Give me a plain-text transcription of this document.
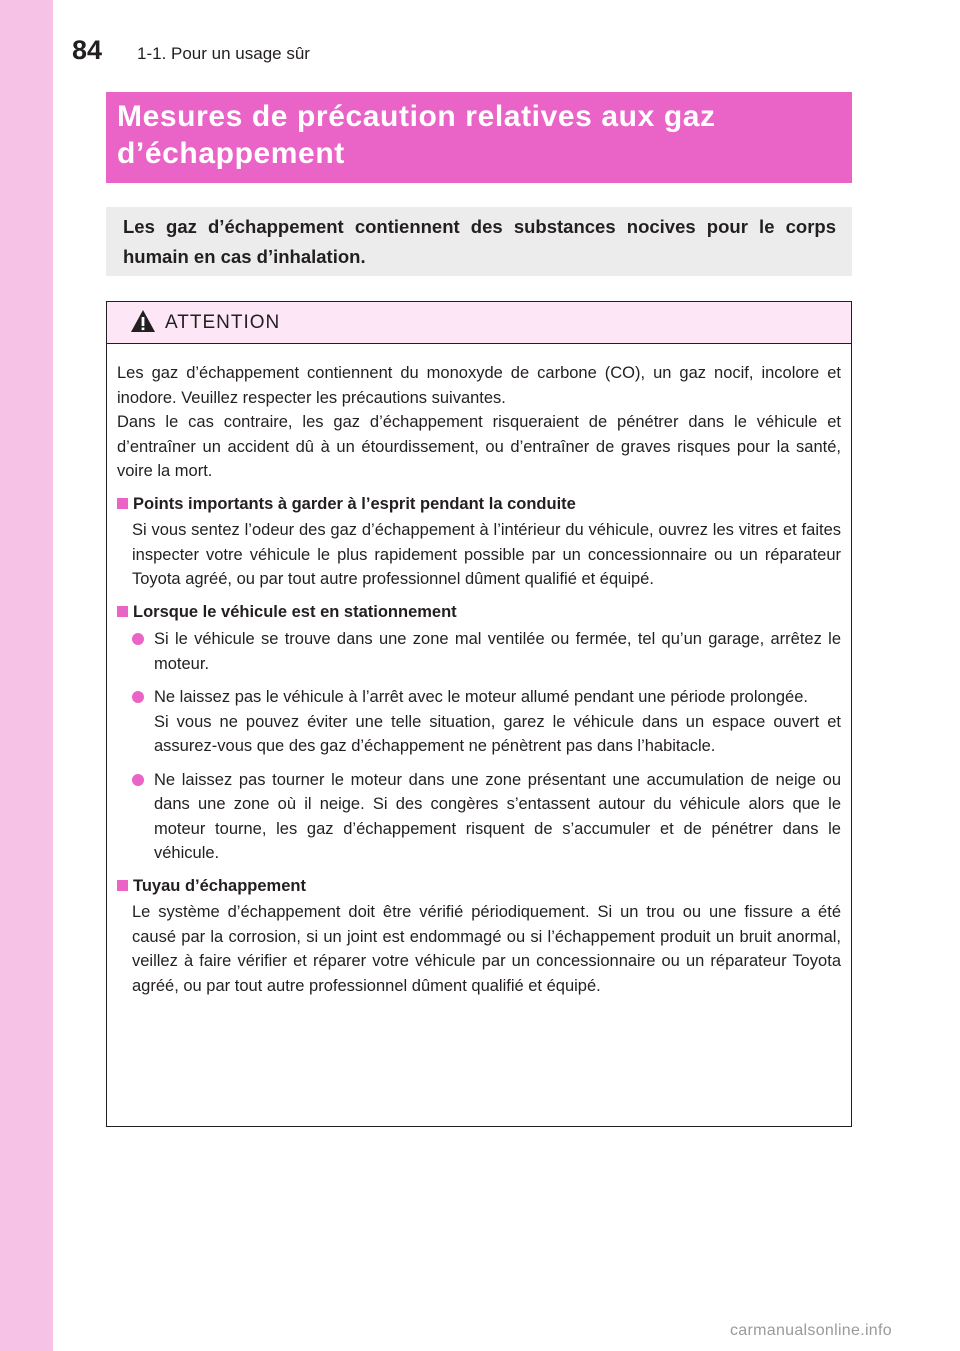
84 1-1. Pour un usage sûr
Mesures de précaution relatives aux gaz d’échappement
Les gaz d’échappement contiennent des substances nocives pour le corps humain en cas d’inhalation.
ATTENTION
Les gaz d’échappement contiennent du monoxyde de carbone (CO), un gaz nocif, incolore et inodore. Veuillez respecter les précautions suivantes.
Dans le cas contraire, les gaz d’échappement risqueraient de pénétrer dans le véhicule et d’entraîner un accident dû à un étourdissement, ou d’entraîner de graves risques pour la santé, voire la mort.
Points importants à garder à l’esprit pendant la conduite
Si vous sentez l’odeur des gaz d’échappement à l’intérieur du véhicule, ouvrez les vitres et faites inspecter votre véhicule le plus rapidement possible par un concessionnaire ou un réparateur Toyota agréé, ou par tout autre professionnel dûment qualifié et équipé.
Lorsque le véhicule est en stationnement
Si le véhicule se trouve dans une zone mal ventilée ou fermée, tel qu’un garage, arrêtez le moteur.
Ne laissez pas le véhicule à l’arrêt avec le moteur allumé pendant une période prolongée.
Si vous ne pouvez éviter une telle situation, garez le véhicule dans un espace ouvert et assurez-vous que des gaz d’échappement ne pénètrent pas dans l’habitacle.
Ne laissez pas tourner le moteur dans une zone présentant une accumulation de neige ou dans une zone où il neige. Si des congères s’entassent autour du véhicule alors que le moteur tourne, les gaz d’échappement risquent de s’accumuler et de pénétrer dans le véhicule.
Tuyau d’échappement
Le système d’échappement doit être vérifié périodiquement. Si un trou ou une fissure a été causé par la corrosion, si un joint est endommagé ou si l’échappement produit un bruit anormal, veillez à faire vérifier et réparer votre véhicule par un concessionnaire ou un réparateur Toyota agréé, ou par tout autre professionnel dûment qualifié et équipé.
carmanualsonline.info
